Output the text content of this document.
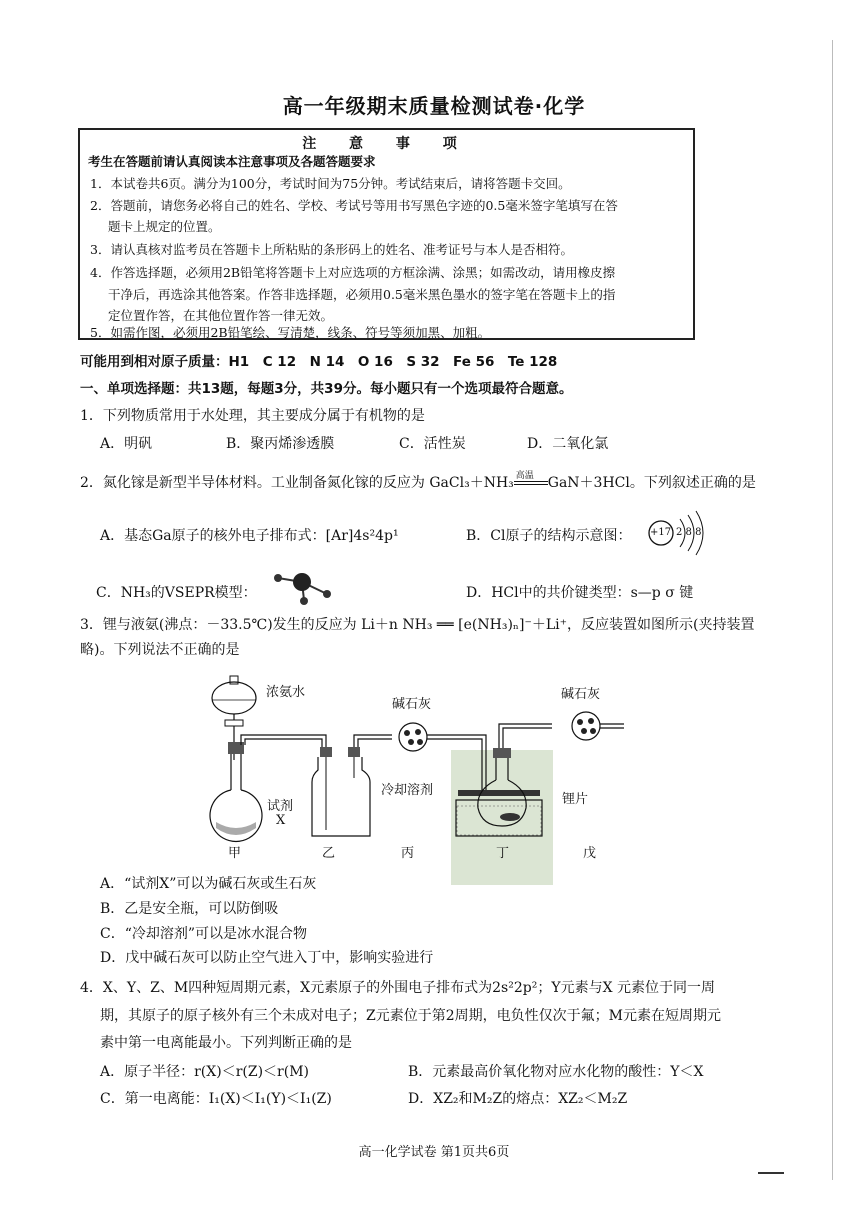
高一年级期末质量检测试卷·化学
注 意 事 项
考生在答题前请认真阅读本注意事项及各题答题要求
1．本试卷共6页。满分为100分，考试时间为75分钟。考试结束后，请将答题卡交回。
2．答题前，请您务必将自己的姓名、学校、考试号等用书写黑色字迹的0.5毫米签字笔填写在答
题卡上规定的位置。
3．请认真核对监考员在答题卡上所粘贴的条形码上的姓名、准考证号与本人是否相符。
4．作答选择题，必须用2B铅笔将答题卡上对应选项的方框涂满、涂黑；如需改动，请用橡皮擦
干净后，再选涂其他答案。作答非选择题，必须用0.5毫米黑色墨水的签字笔在答题卡上的指
定位置作答，在其他位置作答一律无效。
5．如需作图，必须用2B铅笔绘、写清楚，线条、符号等须加黑、加粗。
可能用到相对原子质量：H1　C 12　N 14　O 16　S 32　Fe 56　Te 128
一、单项选择题：共13题，每题3分，共39分。每小题只有一个选项最符合题意。
1．下列物质常用于水处理，其主要成分属于有机物的是
A．明矾	B．聚丙烯渗透膜	C．活性炭	D．二氧化氯
2．氮化镓是新型半导体材料。工业制备氮化镓的反应为 GaCl₃＋NH₃ 高温 GaN＋3HCl。下列叙述正确的是
A．基态Ga原子的核外电子排布式：[Ar]4s²4p¹	B．Cl原子的结构示意图：
C．NH₃的VSEPR模型：	D．HCl中的共价键类型：s—p σ 键
+17 2 8 8
3．锂与液氨(沸点：－33.5℃)发生的反应为 Li＋n NH₃ ══ [e(NH₃)ₙ]⁻＋Li⁺，反应装置如图所示(夹持装置
略)。下列说法不正确的是
浓氨水
碱石灰
碱石灰
试剂
X
冷却溶剂
锂片
甲	乙	丙	丁	戊
A．“试剂X”可以为碱石灰或生石灰
B．乙是安全瓶，可以防倒吸
C．“冷却溶剂”可以是冰水混合物
D．戊中碱石灰可以防止空气进入丁中，影响实验进行
4．X、Y、Z、M四种短周期元素，X元素原子的外围电子排布式为2s²2p²；Y元素与X 元素位于同一周
期，其原子的原子核外有三个未成对电子；Z元素位于第2周期，电负性仅次于氟；M元素在短周期元
素中第一电离能最小。下列判断正确的是
A．原子半径：r(X)＜r(Z)＜r(M)	B．元素最高价氧化物对应水化物的酸性：Y＜X
C．第一电离能：I₁(X)＜I₁(Y)＜I₁(Z)	D．XZ₂和M₂Z的熔点：XZ₂＜M₂Z
高一化学试卷 第1页共6页
